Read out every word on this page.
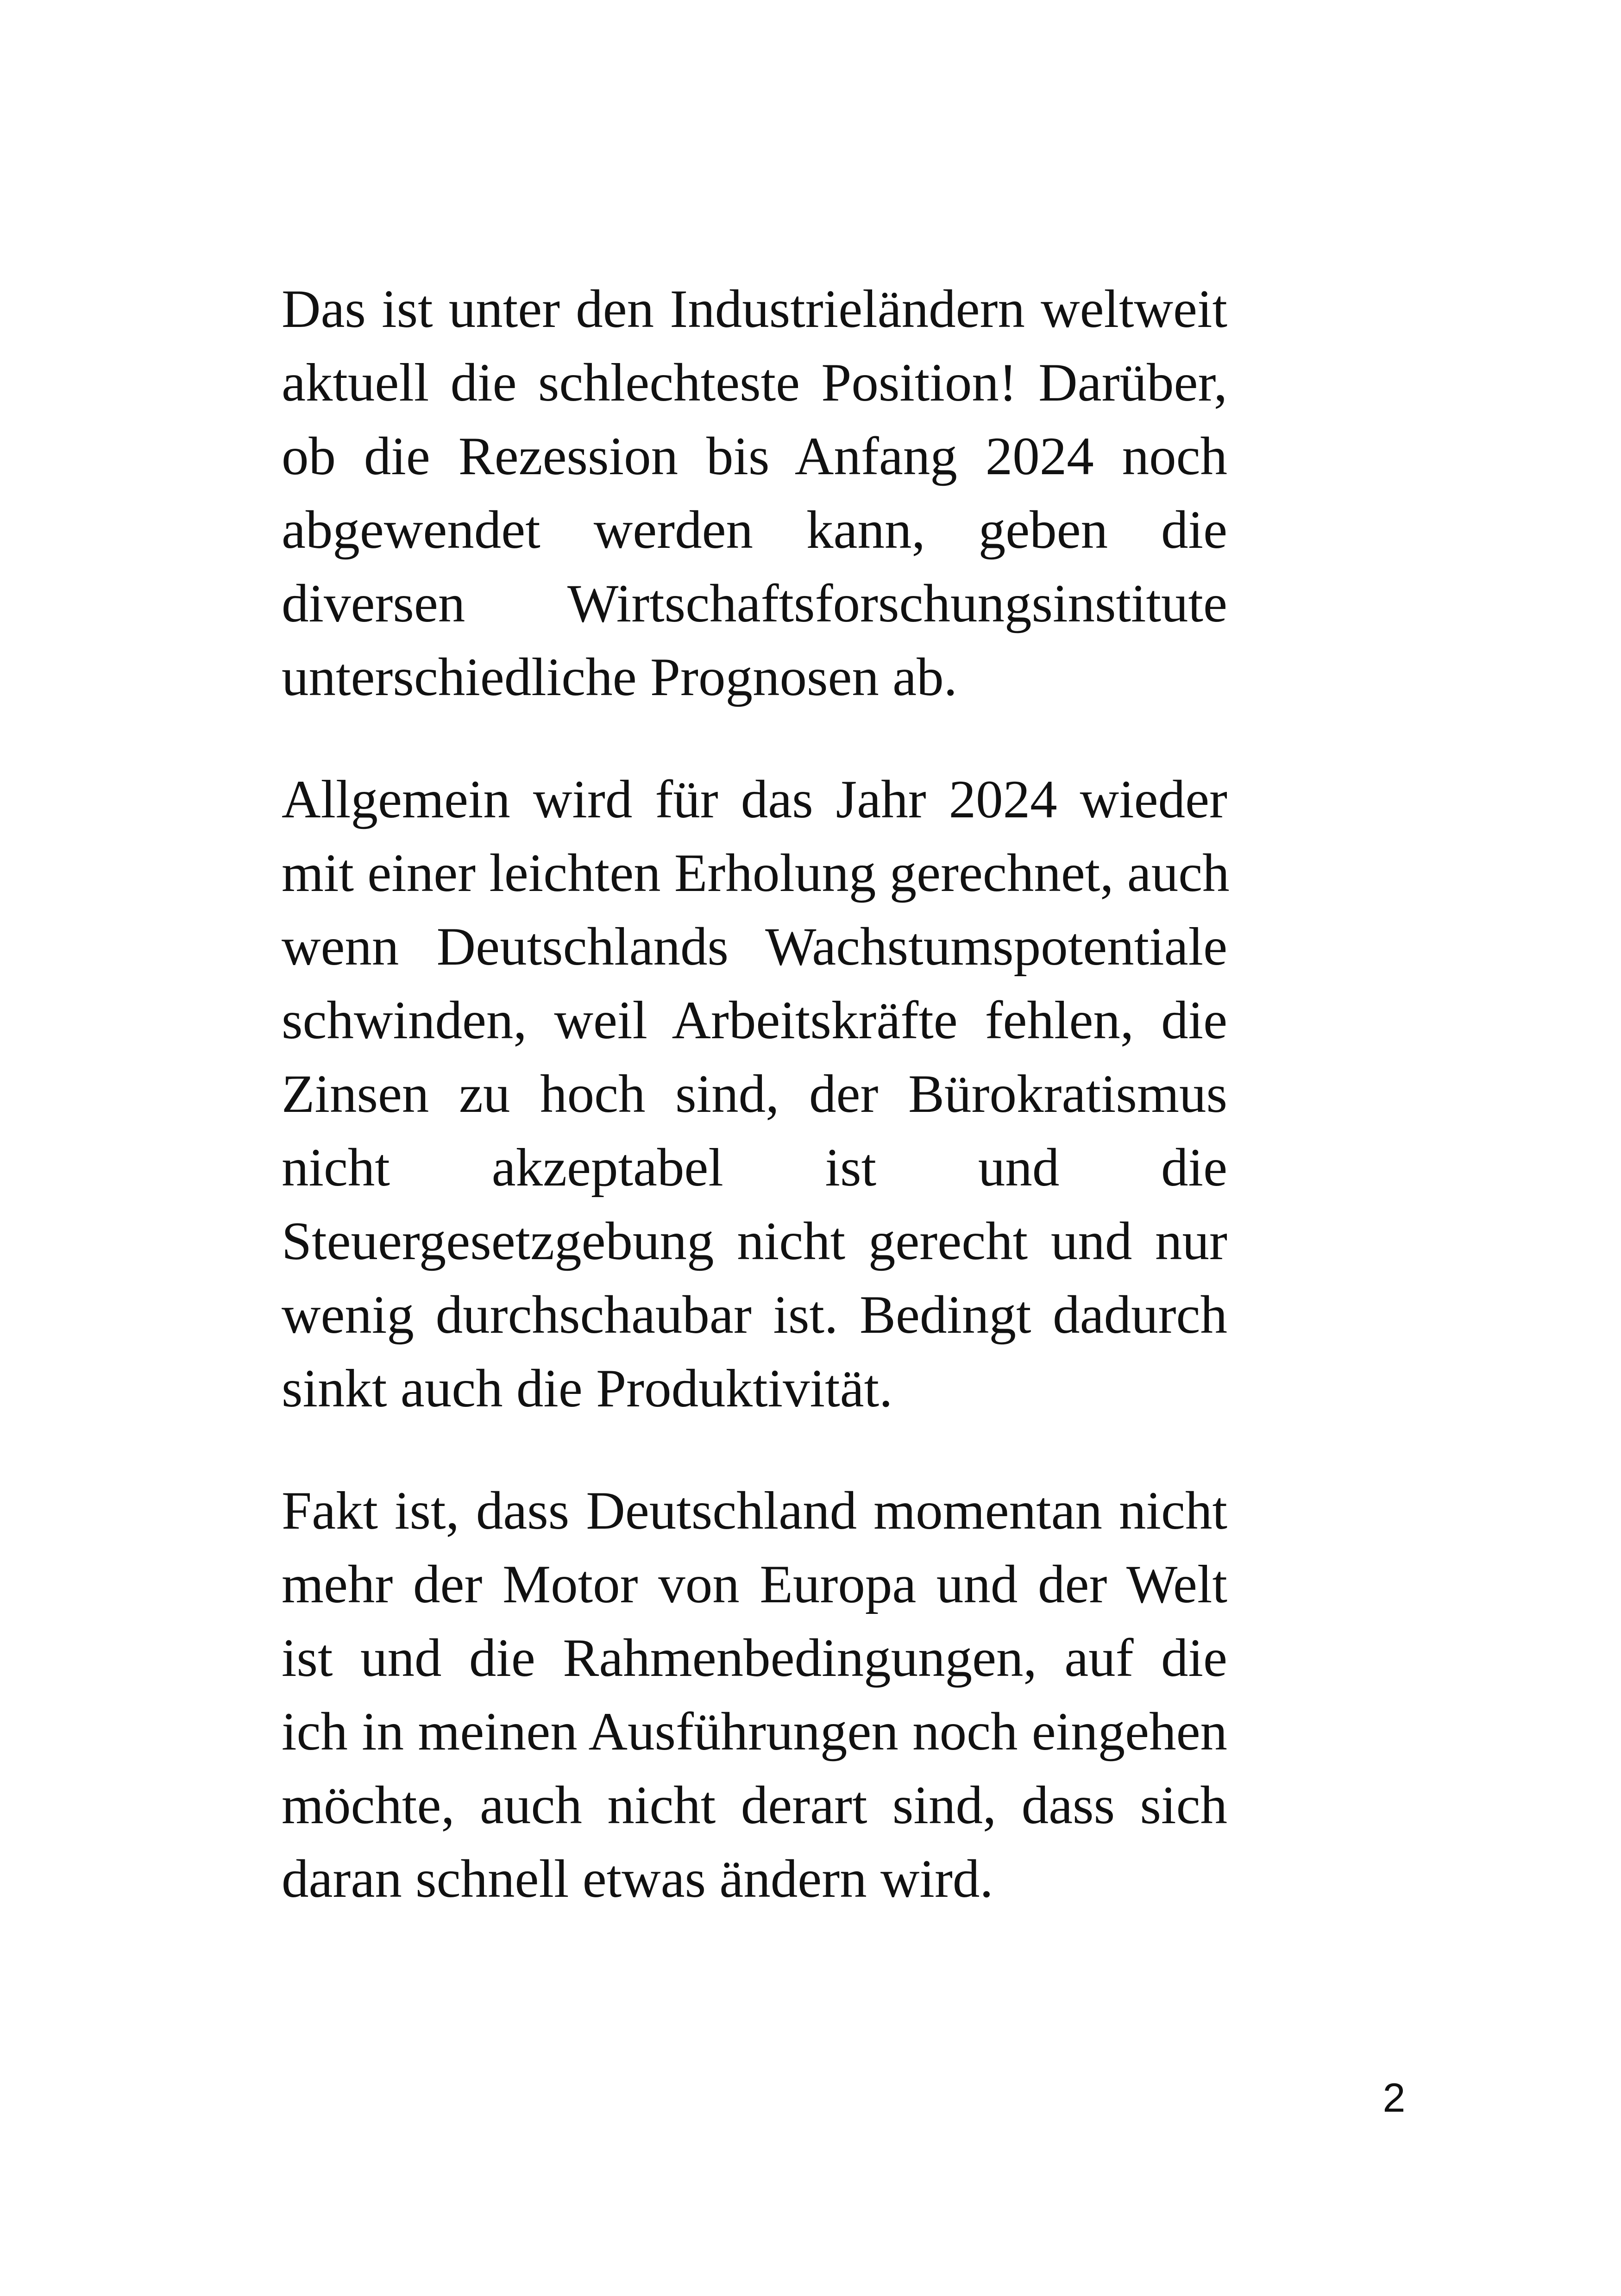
Das ist unter den Industrieländern weltweit
aktuell die schlechteste Position! Darüber,
ob die Rezession bis Anfang 2024 noch
abgewendet werden kann, geben die
diversen Wirtschaftsforschungsinstitute
unterschiedliche Prognosen ab.
Allgemein wird für das Jahr 2024 wieder
mit einer leichten Erholung gerechnet, auch
wenn Deutschlands Wachstumspotentiale
schwinden, weil Arbeitskräfte fehlen, die
Zinsen zu hoch sind, der Bürokratismus
nicht akzeptabel ist und die
Steuergesetzgebung nicht gerecht und nur
wenig durchschaubar ist. Bedingt dadurch
sinkt auch die Produktivität.
Fakt ist, dass Deutschland momentan nicht
mehr der Motor von Europa und der Welt
ist und die Rahmenbedingungen, auf die
ich in meinen Ausführungen noch eingehen
möchte, auch nicht derart sind, dass sich
daran schnell etwas ändern wird.
2
